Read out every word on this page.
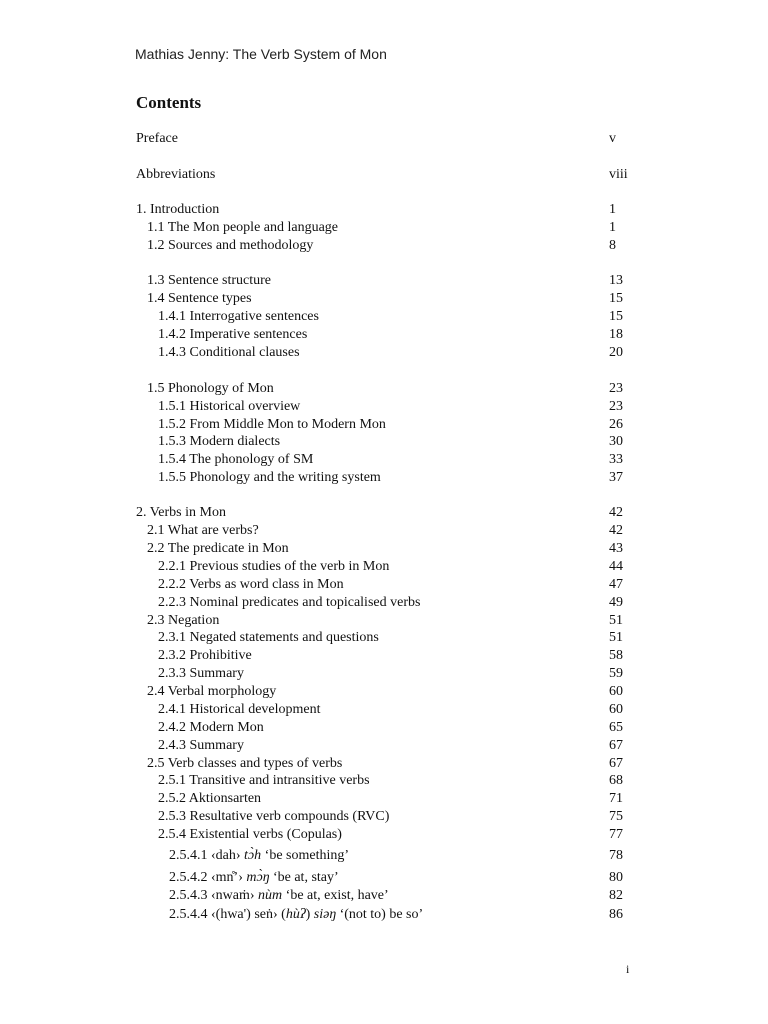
Mathias Jenny: The Verb System of Mon
Contents
Preface	v
Abbreviations	viii
1. Introduction	1
1.1 The Mon people and language	1
1.2 Sources and methodology	8
1.3 Sentence structure	13
1.4 Sentence types	15
1.4.1 Interrogative sentences	15
1.4.2 Imperative sentences	18
1.4.3 Conditional clauses	20
1.5 Phonology of Mon	23
1.5.1 Historical overview	23
1.5.2 From Middle Mon to Modern Mon	26
1.5.3 Modern dialects	30
1.5.4 The phonology of SM	33
1.5.5 Phonology and the writing system	37
2. Verbs in Mon	42
2.1 What are verbs?	42
2.2 The predicate in Mon	43
2.2.1 Previous studies of the verb in Mon	44
2.2.2 Verbs as word class in Mon	47
2.2.3 Nominal predicates and topicalised verbs	49
2.3 Negation	51
2.3.1 Negated statements and questions	51
2.3.2 Prohibitive	58
2.3.3 Summary	59
2.4 Verbal morphology	60
2.4.1 Historical development	60
2.4.2 Modern Mon	65
2.4.3 Summary	67
2.5 Verb classes and types of verbs	67
2.5.1 Transitive and intransitive verbs	68
2.5.2 Aktionsarten	71
2.5.3 Resultative verb compounds (RVC)	75
2.5.4 Existential verbs (Copulas)	77
2.5.4.1 ‹dah› tɔ̀h ‘be something’	78
2.5.4.2 ‹mn̊ʼ› mɔ̀ŋ ‘be at, stay’	80
2.5.4.3 ‹nwaṁ› nùm ‘be at, exist, have’	82
2.5.4.4 ‹(hwa') seṅ› (hùʔ) siəŋ ‘(not to) be so’	86
i
